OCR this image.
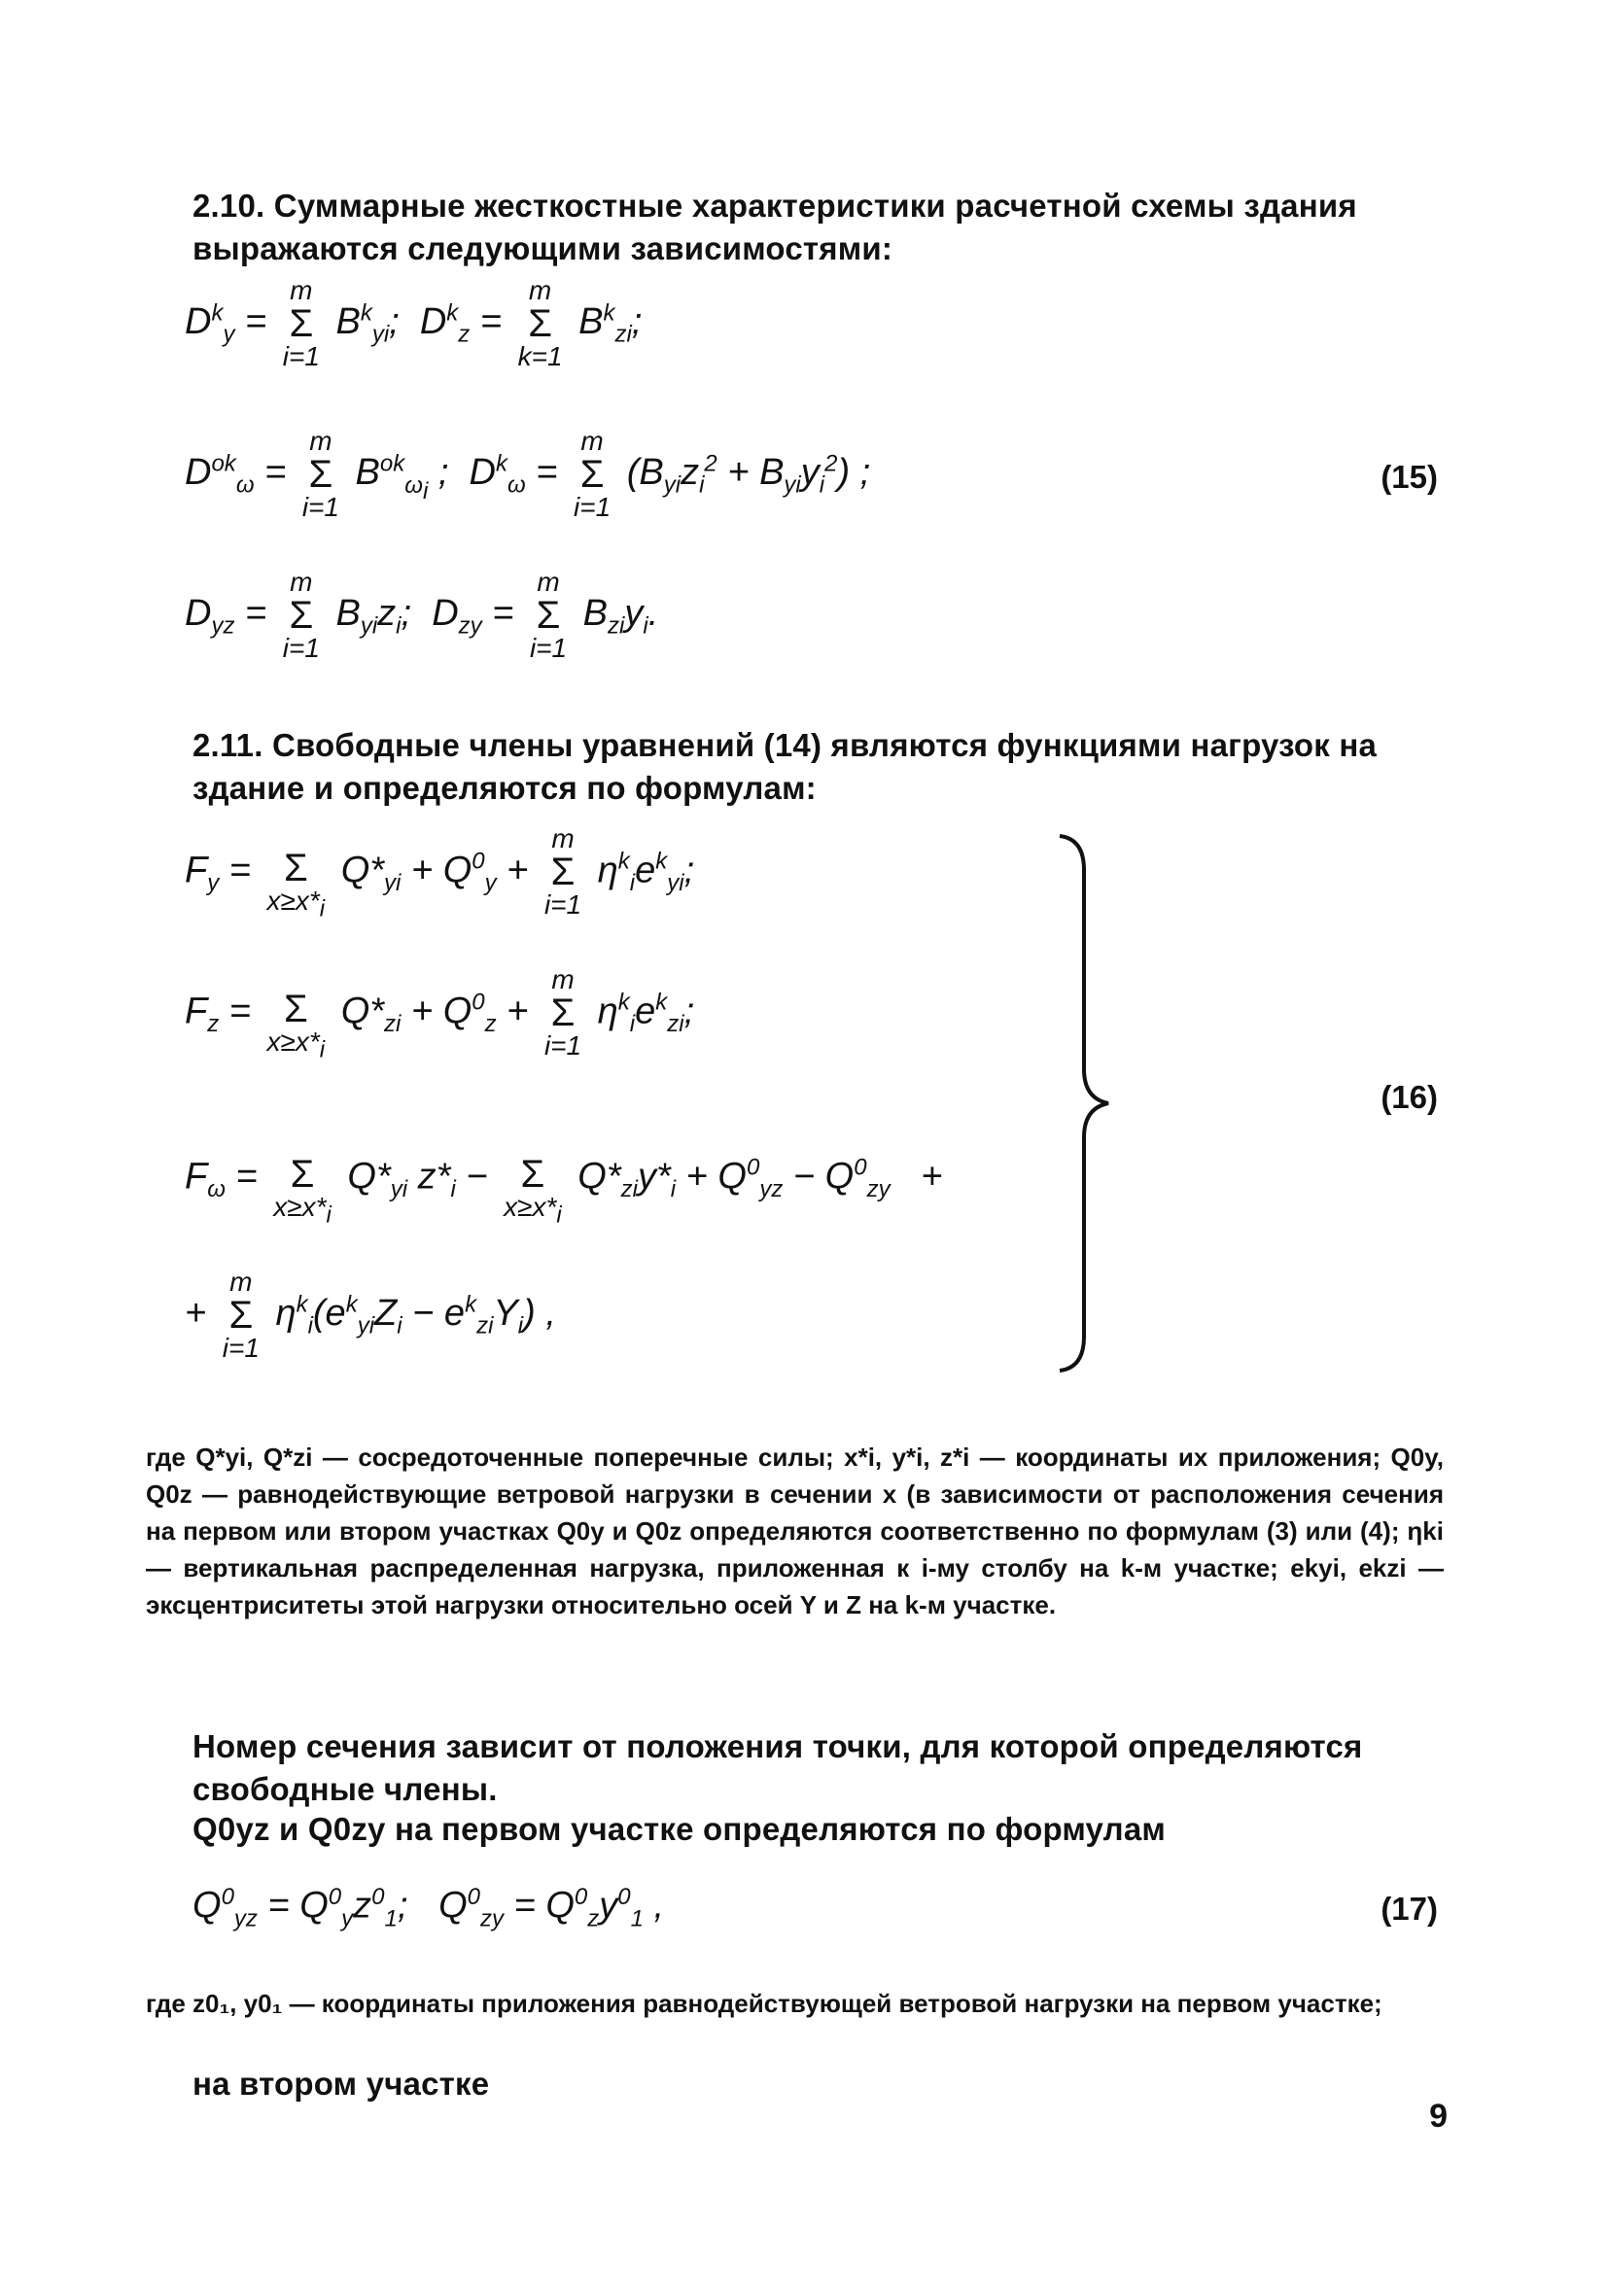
2.10. Суммарные жесткостные характеристики расчетной схемы здания выражаются следующими зависимостями:

$D^k_y$ =
m
Σ
i=1
$B^k_{yi}$;  $D^k_z$ =
m
Σ
k=1
$B^k_{zi}$;
$D^{ok}_\omega$ =
m
Σ
i=1
$B^{ok}_{\omega_i}$ ;  $D^k_\omega$ =
m
Σ
i=1
$(B_{yi}z_i^2 + B_{yi}y_i^2)$ ;
$D_{yz}$ =
m
Σ
i=1
$B_{yi}z_i$;  $D_{zy}$ =
m
Σ
i=1
$B_{zi}y_i$.
(15)

2.11. Свободные члены уравнений (14) являются функциями нагрузок на здание и определяются по формулам:

$F_y$ =
Σ
$x\ge x*_i$
$Q*_{yi} + Q^0_y$ +
m
Σ
i=1
$\eta^k_ie^k_{yi}$;
$F_z$ =
Σ
$x\ge x*_i$
$Q*_{zi} + Q^0_z$ +
m
Σ
i=1
$\eta^k_ie^k_{zi}$;
$F_\omega$ =
Σ
$x\ge x*_i$
$Q*_{yi}$ $z*_i$ −
Σ
$x\ge x*_i$
$Q*_{zi}y*_i + Q^0_{yz} - Q^0_{zy}$   +
+
m
Σ
i=1
$\eta^k_i(e^k_{yi}Z_i - e^k_{zi}Y_i)$ ,
(16)

где Q*yi, Q*zi — сосредоточенные поперечные силы; x*i, y*i, z*i — координаты их приложения; Q0y, Q0z — равнодействующие ветровой нагрузки в сечении x (в зависимости от расположения сечения на первом или втором участках Q0y и Q0z определяются соответственно по формулам (3) или (4); ηki — вертикальная распределенная нагрузка, приложенная к i-му столбу на k-м участке; ekyi, ekzi — эксцентриситеты этой нагрузки относительно осей Y и Z на k-м участке.

Номер сечения зависит от положения точки, для которой определяются свободные члены.

Q0yz и Q0zy на первом участке определяются по формулам

$Q^0_{yz} = Q^0_yz^0_1$;   $Q^0_{zy} = Q^0_zy^0_1$ ,	(17)

где z0₁, y0₁ — координаты приложения равнодействующей ветровой нагрузки на первом участке;

на втором участке

9
